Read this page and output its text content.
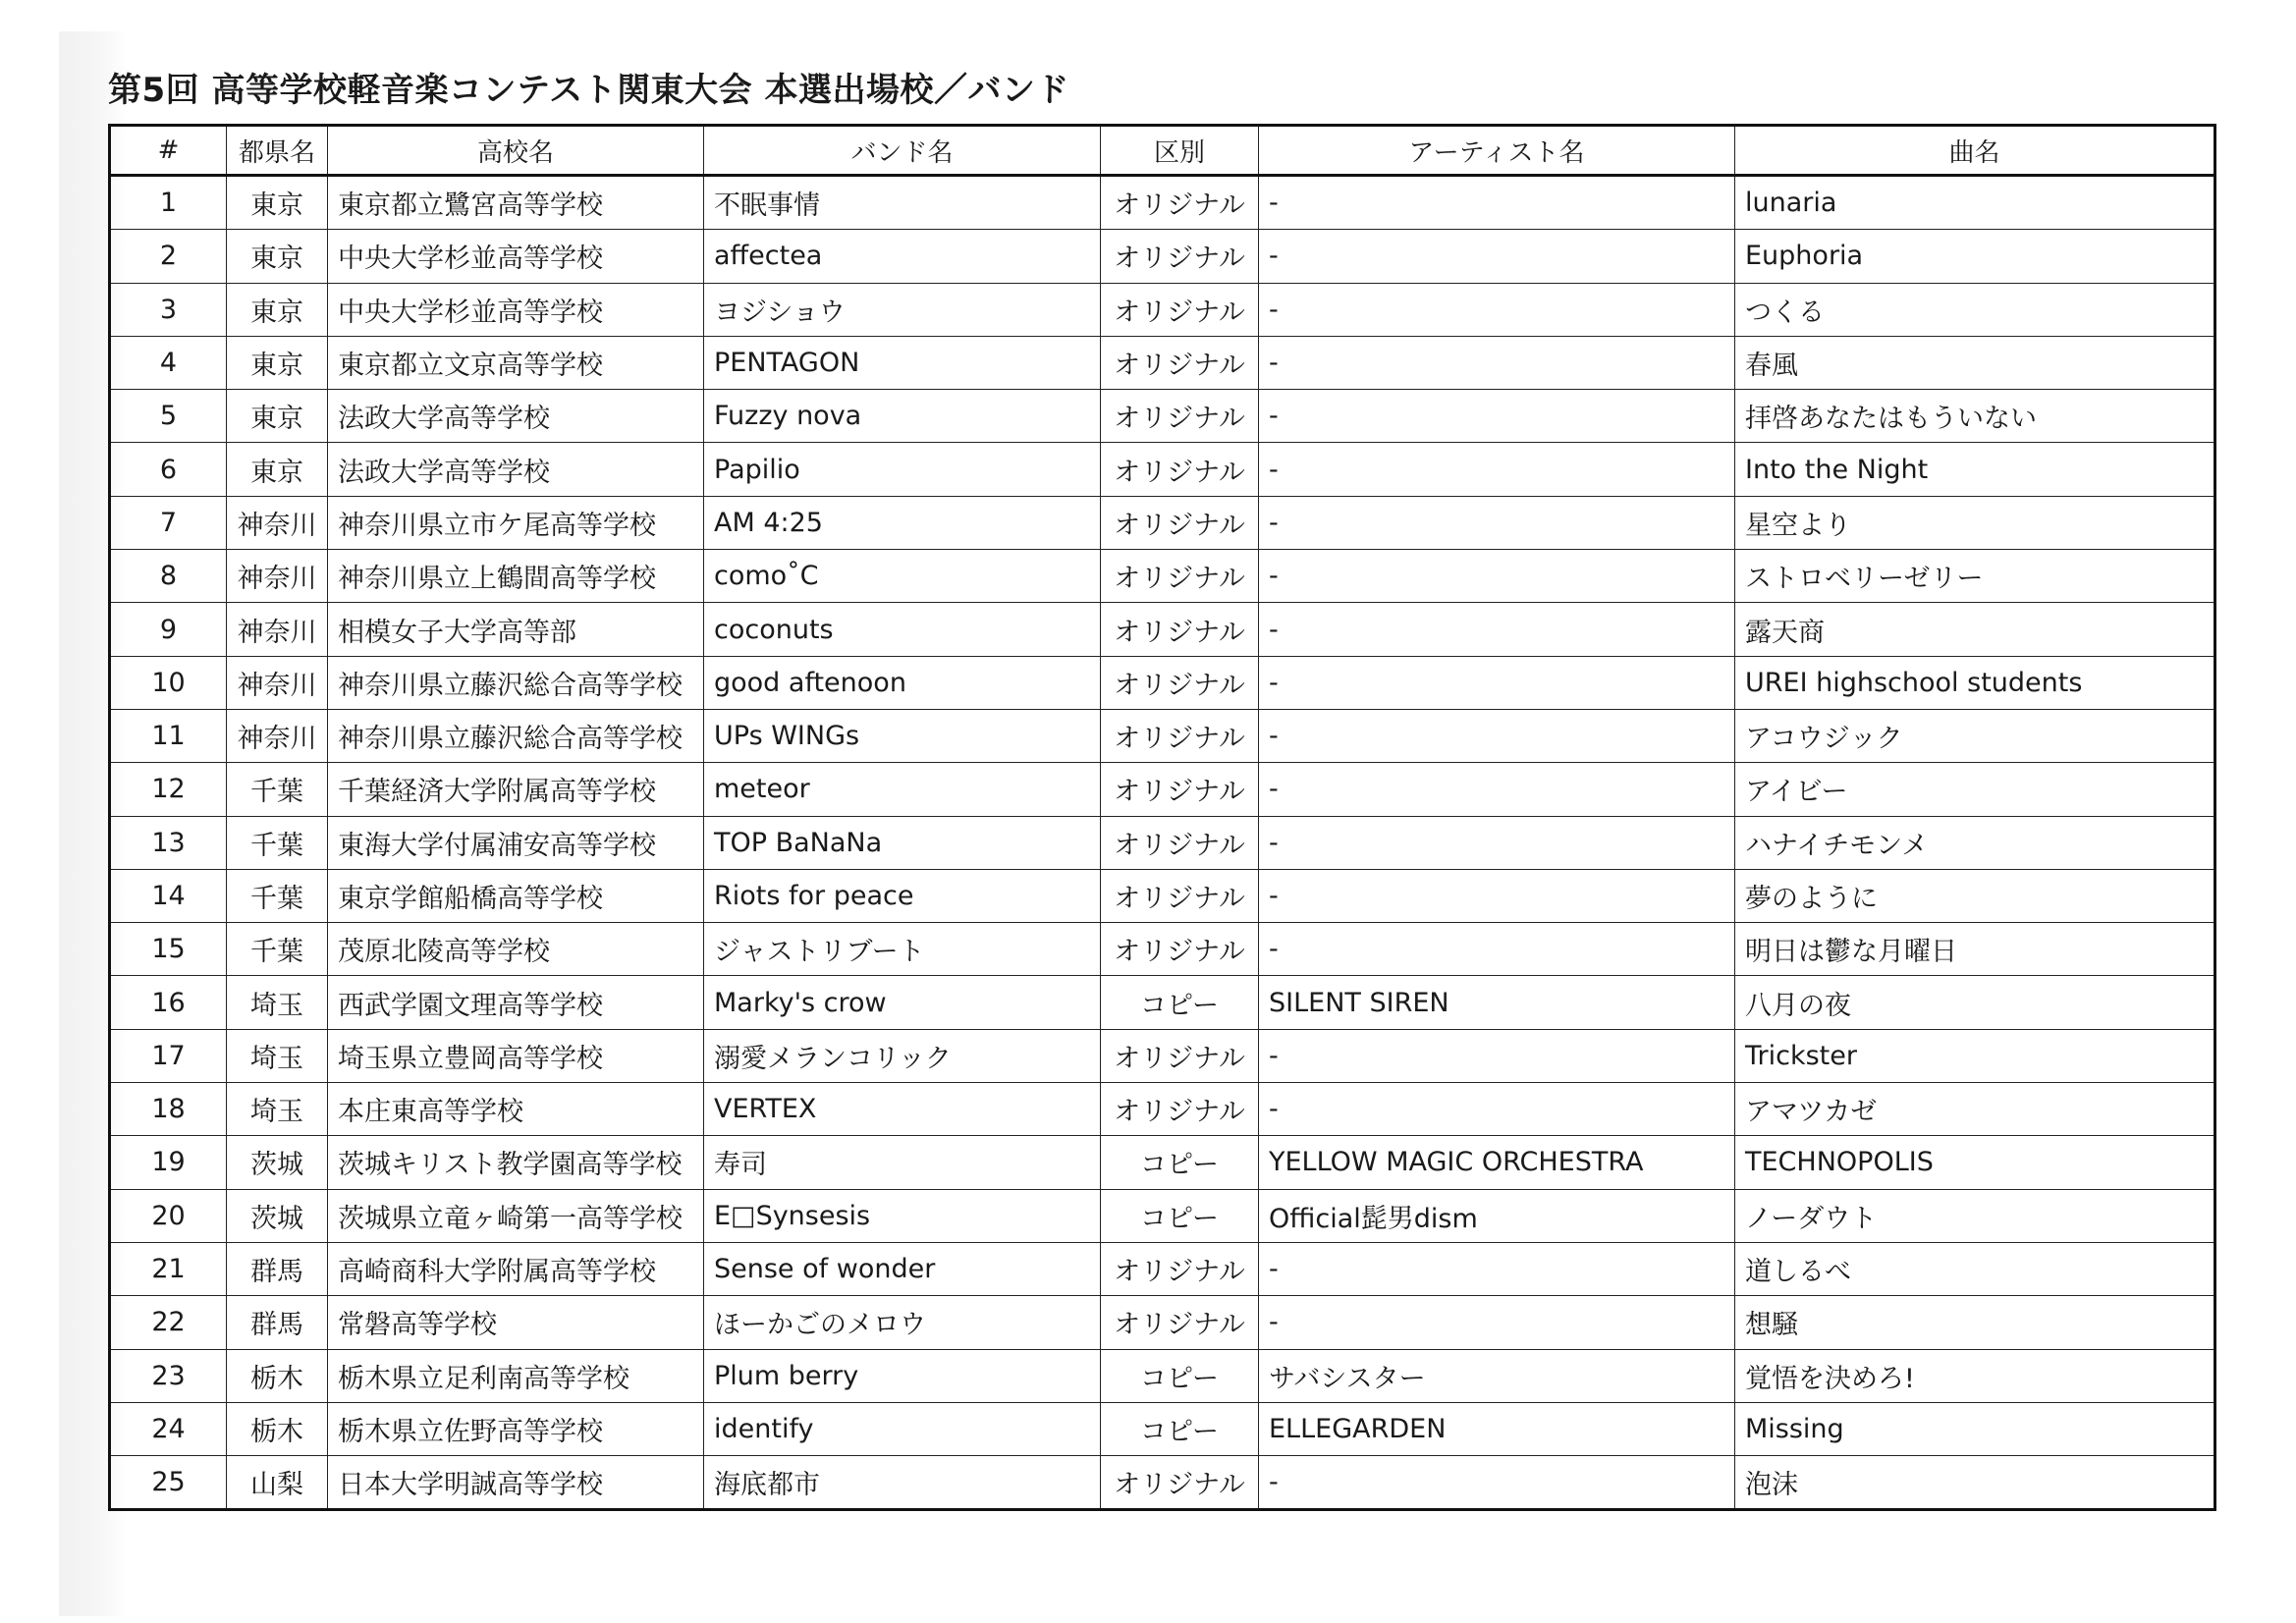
第5回 高等学校軽音楽コンテスト関東大会 本選出場校／バンド
#	都県名	高校名	バンド名	区別	アーティスト名	曲名
1	東京	東京都立鷺宮高等学校	不眠事情	オリジナル	-	lunaria
2	東京	中央大学杉並高等学校	affectea	オリジナル	-	Euphoria
3	東京	中央大学杉並高等学校	ヨジショウ	オリジナル	-	つくる
4	東京	東京都立文京高等学校	PENTAGON	オリジナル	-	春風
5	東京	法政大学高等学校	Fuzzy nova	オリジナル	-	拝啓あなたはもういない
6	東京	法政大学高等学校	Papilio	オリジナル	-	Into the Night
7	神奈川	神奈川県立市ケ尾高等学校	AM 4:25	オリジナル	-	星空より
8	神奈川	神奈川県立上鶴間高等学校	como˚C	オリジナル	-	ストロベリーゼリー
9	神奈川	相模女子大学高等部	coconuts	オリジナル	-	露天商
10	神奈川	神奈川県立藤沢総合高等学校	good aftenoon	オリジナル	-	UREI highschool students
11	神奈川	神奈川県立藤沢総合高等学校	UPs WINGs	オリジナル	-	アコウジック
12	千葉	千葉経済大学附属高等学校	meteor	オリジナル	-	アイビー
13	千葉	東海大学付属浦安高等学校	TOP BaNaNa	オリジナル	-	ハナイチモンメ
14	千葉	東京学館船橋高等学校	Riots for peace	オリジナル	-	夢のように
15	千葉	茂原北陵高等学校	ジャストリブート	オリジナル	-	明日は鬱な月曜日
16	埼玉	西武学園文理高等学校	Marky's crow	コピー	SILENT SIREN	八月の夜
17	埼玉	埼玉県立豊岡高等学校	溺愛メランコリック	オリジナル	-	Trickster
18	埼玉	本庄東高等学校	VERTEX	オリジナル	-	アマツカゼ
19	茨城	茨城キリスト教学園高等学校	寿司	コピー	YELLOW MAGIC ORCHESTRA	TECHNOPOLIS
20	茨城	茨城県立竜ヶ崎第一高等学校	E□Synsesis	コピー	Official髭男dism	ノーダウト
21	群馬	高崎商科大学附属高等学校	Sense of wonder	オリジナル	-	道しるべ
22	群馬	常磐高等学校	ほーかごのメロウ	オリジナル	-	想騒
23	栃木	栃木県立足利南高等学校	Plum berry	コピー	サバシスター	覚悟を決めろ!
24	栃木	栃木県立佐野高等学校	identify	コピー	ELLEGARDEN	Missing
25	山梨	日本大学明誠高等学校	海底都市	オリジナル	-	泡沫
